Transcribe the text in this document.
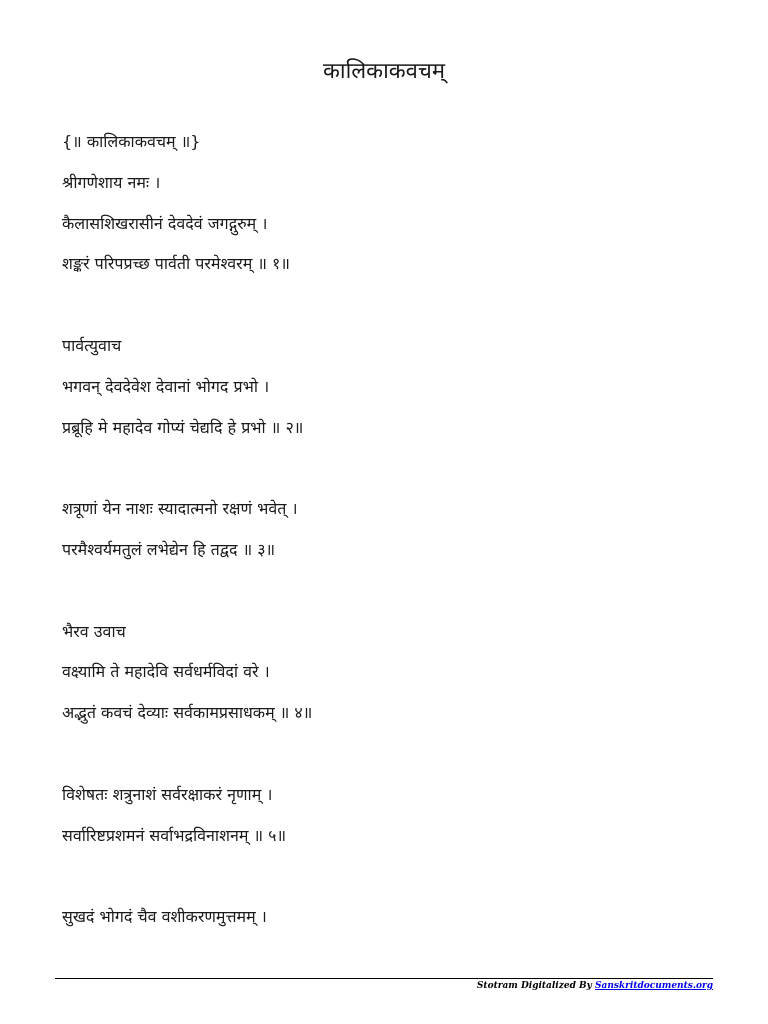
कालिकाकवचम्
{॥ कालिकाकवचम् ॥}
श्रीगणेशाय नमः ।
कैलासशिखरासीनं देवदेवं जगद्गुरुम् ।
शङ्करं परिपप्रच्छ पार्वती परमेश्वरम् ॥ १॥
पार्वत्युवाच
भगवन् देवदेवेश देवानां भोगद प्रभो ।
प्रब्रूहि मे महादेव गोप्यं चेद्यदि हे प्रभो ॥ २॥
शत्रूणां येन नाशः स्यादात्मनो रक्षणं भवेत् ।
परमैश्वर्यमतुलं लभेद्येन हि तद्वद ॥ ३॥
भैरव उवाच
वक्ष्यामि ते महादेवि सर्वधर्मविदां वरे ।
अद्भुतं कवचं देव्याः सर्वकामप्रसाधकम् ॥ ४॥
विशेषतः शत्रुनाशं सर्वरक्षाकरं नृणाम् ।
सर्वारिष्टप्रशमनं सर्वाभद्रविनाशनम् ॥ ५॥
सुखदं भोगदं चैव वशीकरणमुत्तमम् ।
Stotram Digitalized By Sanskritdocuments.org
